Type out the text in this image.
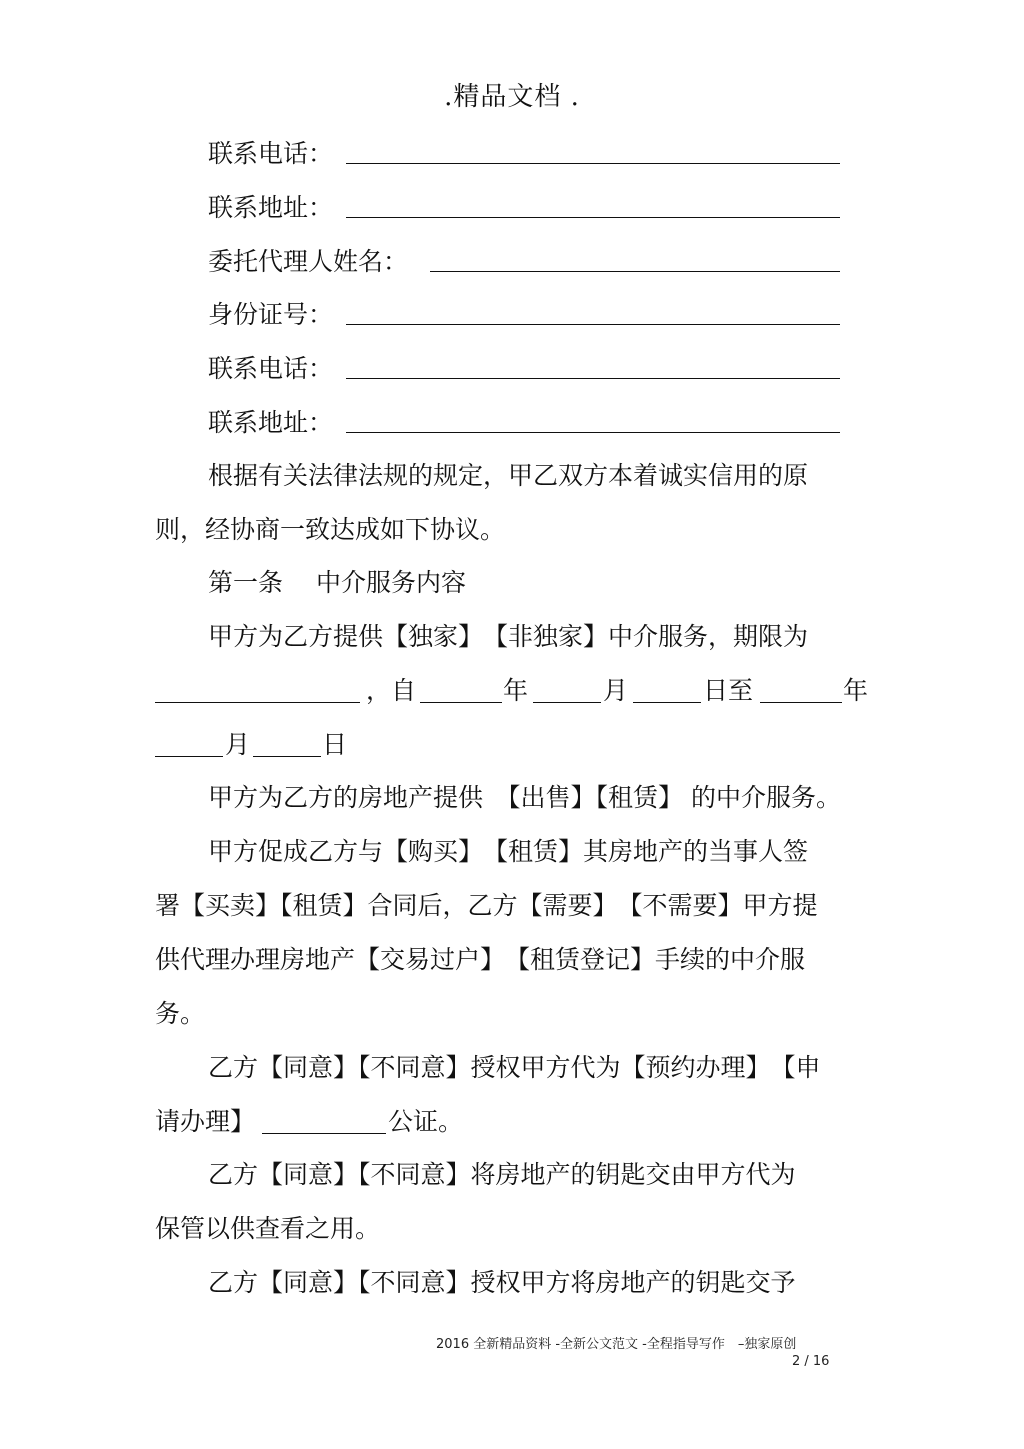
.精品文档 .
联系电话：
联系地址：
委托代理人姓名：
身份证号：
联系电话：
联系地址：
根据有关法律法规的规定，甲乙双方本着诚实信用的原
则，经协商一致达成如下协议。
第一条　 中介服务内容
甲方为乙方提供【独家】　【非独家】中介服务，期限为
，自	年	月	日至	年
月	日
甲方为乙方的房地产提供　【出售】【租赁】 的中介服务。
甲方促成乙方与【购买】　【租赁】其房地产的当事人签
署【买卖】【租赁】合同后，乙方【需要】　【不需要】甲方提
供代理办理房地产【交易过户】　【租赁登记】手续的中介服
务。
乙方【同意】【不同意】授权甲方代为【预约办理】　【申
请办理】	公证。
乙方【同意】【不同意】将房地产的钥匙交由甲方代为
保管以供查看之用。
乙方【同意】【不同意】授权甲方将房地产的钥匙交予
2016 全新精品资料 -全新公文范文 -全程指导写作　–独家原创
2 / 16
